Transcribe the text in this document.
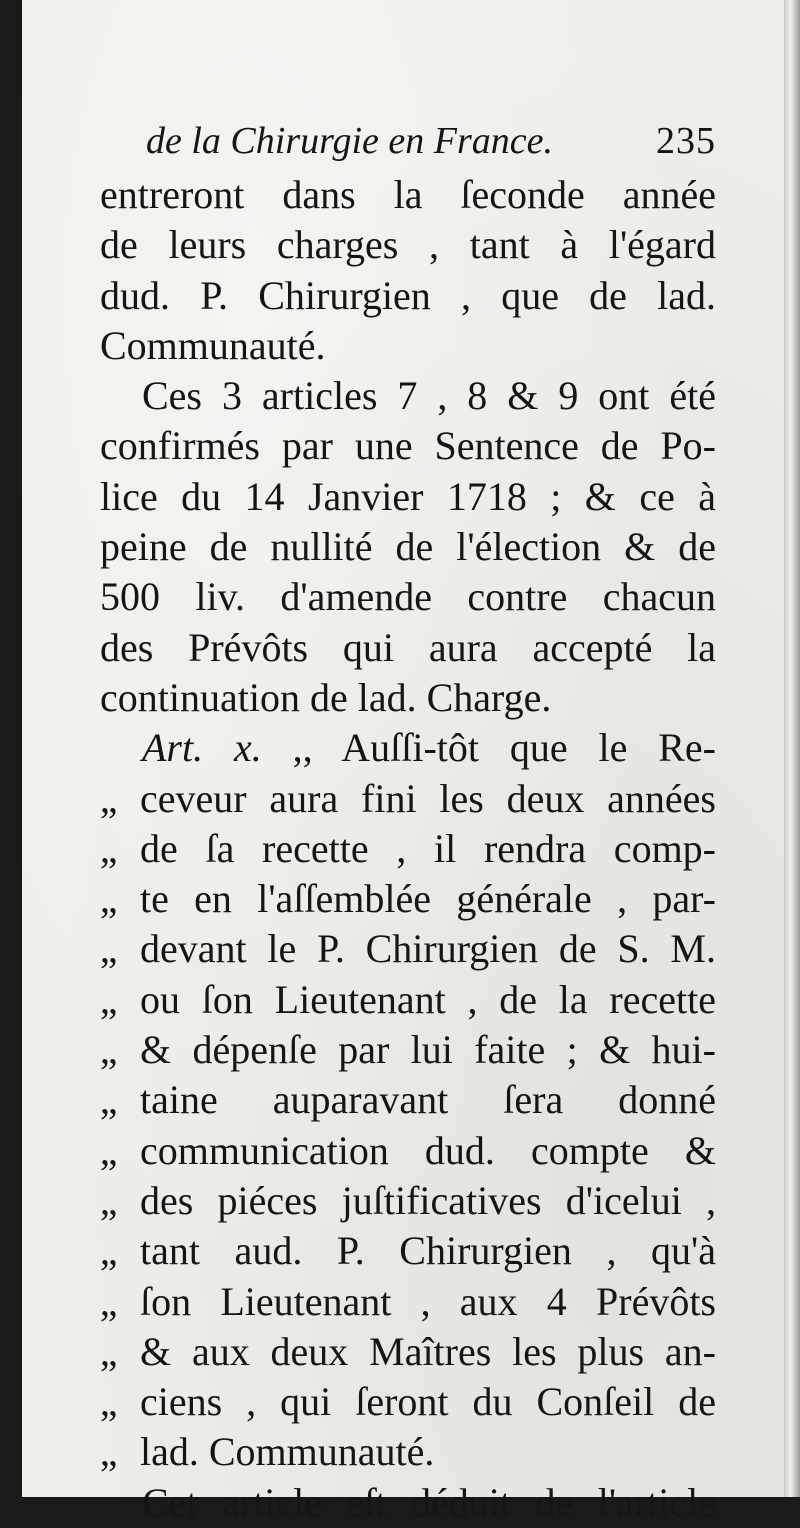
de la Chirurgie en France.	235
entreront dans la ſeconde année
de leurs charges , tant à l'égard
dud. P. Chirurgien , que de lad.
Communauté.
Ces 3 articles 7 , 8 & 9 ont été
confirmés par une Sentence de Po-
lice du 14 Janvier 1718 ; & ce à
peine de nullité de l'élection & de
500 liv. d'amende contre chacun
des Prévôts qui aura accepté la
continuation de lad. Charge.
Art. x. ,, Auſſi-tôt que le Re-
,, ceveur aura fini les deux années
,, de ſa recette , il rendra comp-
,, te en l'aſſemblée générale , par-
,, devant le P. Chirurgien de S. M.
,, ou ſon Lieutenant , de la recette
,, & dépenſe par lui faite ; & hui-
,, taine auparavant ſera donné
,, communication dud. compte &
,, des piéces juſtificatives d'icelui ,
,, tant aud. P. Chirurgien , qu'à
,, ſon Lieutenant , aux 4 Prévôts
,, & aux deux Maîtres les plus an-
,, ciens , qui ſeront du Conſeil de
,, lad. Communauté.
Cet article eſt déduit de l'article
